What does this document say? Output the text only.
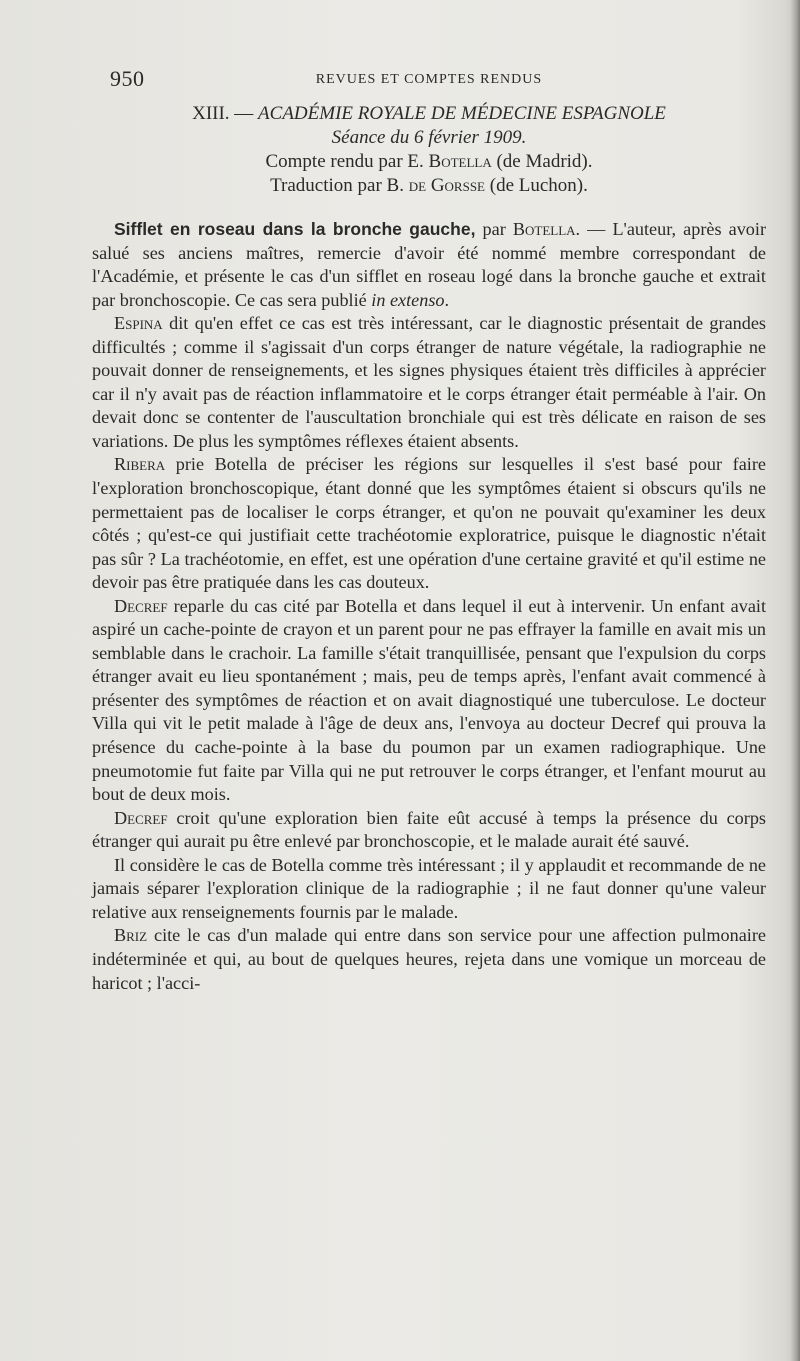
950	REVUES ET COMPTES RENDUS
XIII. — ACADÉMIE ROYALE DE MÉDECINE ESPAGNOLE
Séance du 6 février 1909.
Compte rendu par E. Botella (de Madrid).
Traduction par B. de Gorsse (de Luchon).

Sifflet en roseau dans la bronche gauche, par Botella. — L'auteur, après avoir salué ses anciens maîtres, remercie d'avoir été nommé membre correspondant de l'Académie, et présente le cas d'un sifflet en roseau logé dans la bronche gauche et extrait par bronchoscopie. Ce cas sera publié in extenso.

Espina dit qu'en effet ce cas est très intéressant, car le diagnostic présentait de grandes difficultés ; comme il s'agissait d'un corps étranger de nature végétale, la radiographie ne pouvait donner de renseignements, et les signes physiques étaient très difficiles à apprécier car il n'y avait pas de réaction inflammatoire et le corps étranger était perméable à l'air. On devait donc se contenter de l'auscultation bronchiale qui est très délicate en raison de ses variations. De plus les symptômes réflexes étaient absents.

Ribera prie Botella de préciser les régions sur lesquelles il s'est basé pour faire l'exploration bronchoscopique, étant donné que les symptômes étaient si obscurs qu'ils ne permettaient pas de localiser le corps étranger, et qu'on ne pouvait qu'examiner les deux côtés ; qu'est-ce qui justifiait cette trachéotomie exploratrice, puisque le diagnostic n'était pas sûr ? La trachéotomie, en effet, est une opération d'une certaine gravité et qu'il estime ne devoir pas être pratiquée dans les cas douteux.

Decref reparle du cas cité par Botella et dans lequel il eut à intervenir. Un enfant avait aspiré un cache-pointe de crayon et un parent pour ne pas effrayer la famille en avait mis un semblable dans le crachoir. La famille s'était tranquillisée, pensant que l'expulsion du corps étranger avait eu lieu spontanément ; mais, peu de temps après, l'enfant avait commencé à présenter des symptômes de réaction et on avait diagnostiqué une tuberculose. Le docteur Villa qui vit le petit malade à l'âge de deux ans, l'envoya au docteur Decref qui prouva la présence du cache-pointe à la base du poumon par un examen radiographique. Une pneumotomie fut faite par Villa qui ne put retrouver le corps étranger, et l'enfant mourut au bout de deux mois.

Decref croit qu'une exploration bien faite eût accusé à temps la présence du corps étranger qui aurait pu être enlevé par bronchoscopie, et le malade aurait été sauvé.

Il considère le cas de Botella comme très intéressant ; il y applaudit et recommande de ne jamais séparer l'exploration clinique de la radiographie ; il ne faut donner qu'une valeur relative aux renseignements fournis par le malade.

Briz cite le cas d'un malade qui entre dans son service pour une affection pulmonaire indéterminée et qui, au bout de quelques heures, rejeta dans une vomique un morceau de haricot ; l'acci-
